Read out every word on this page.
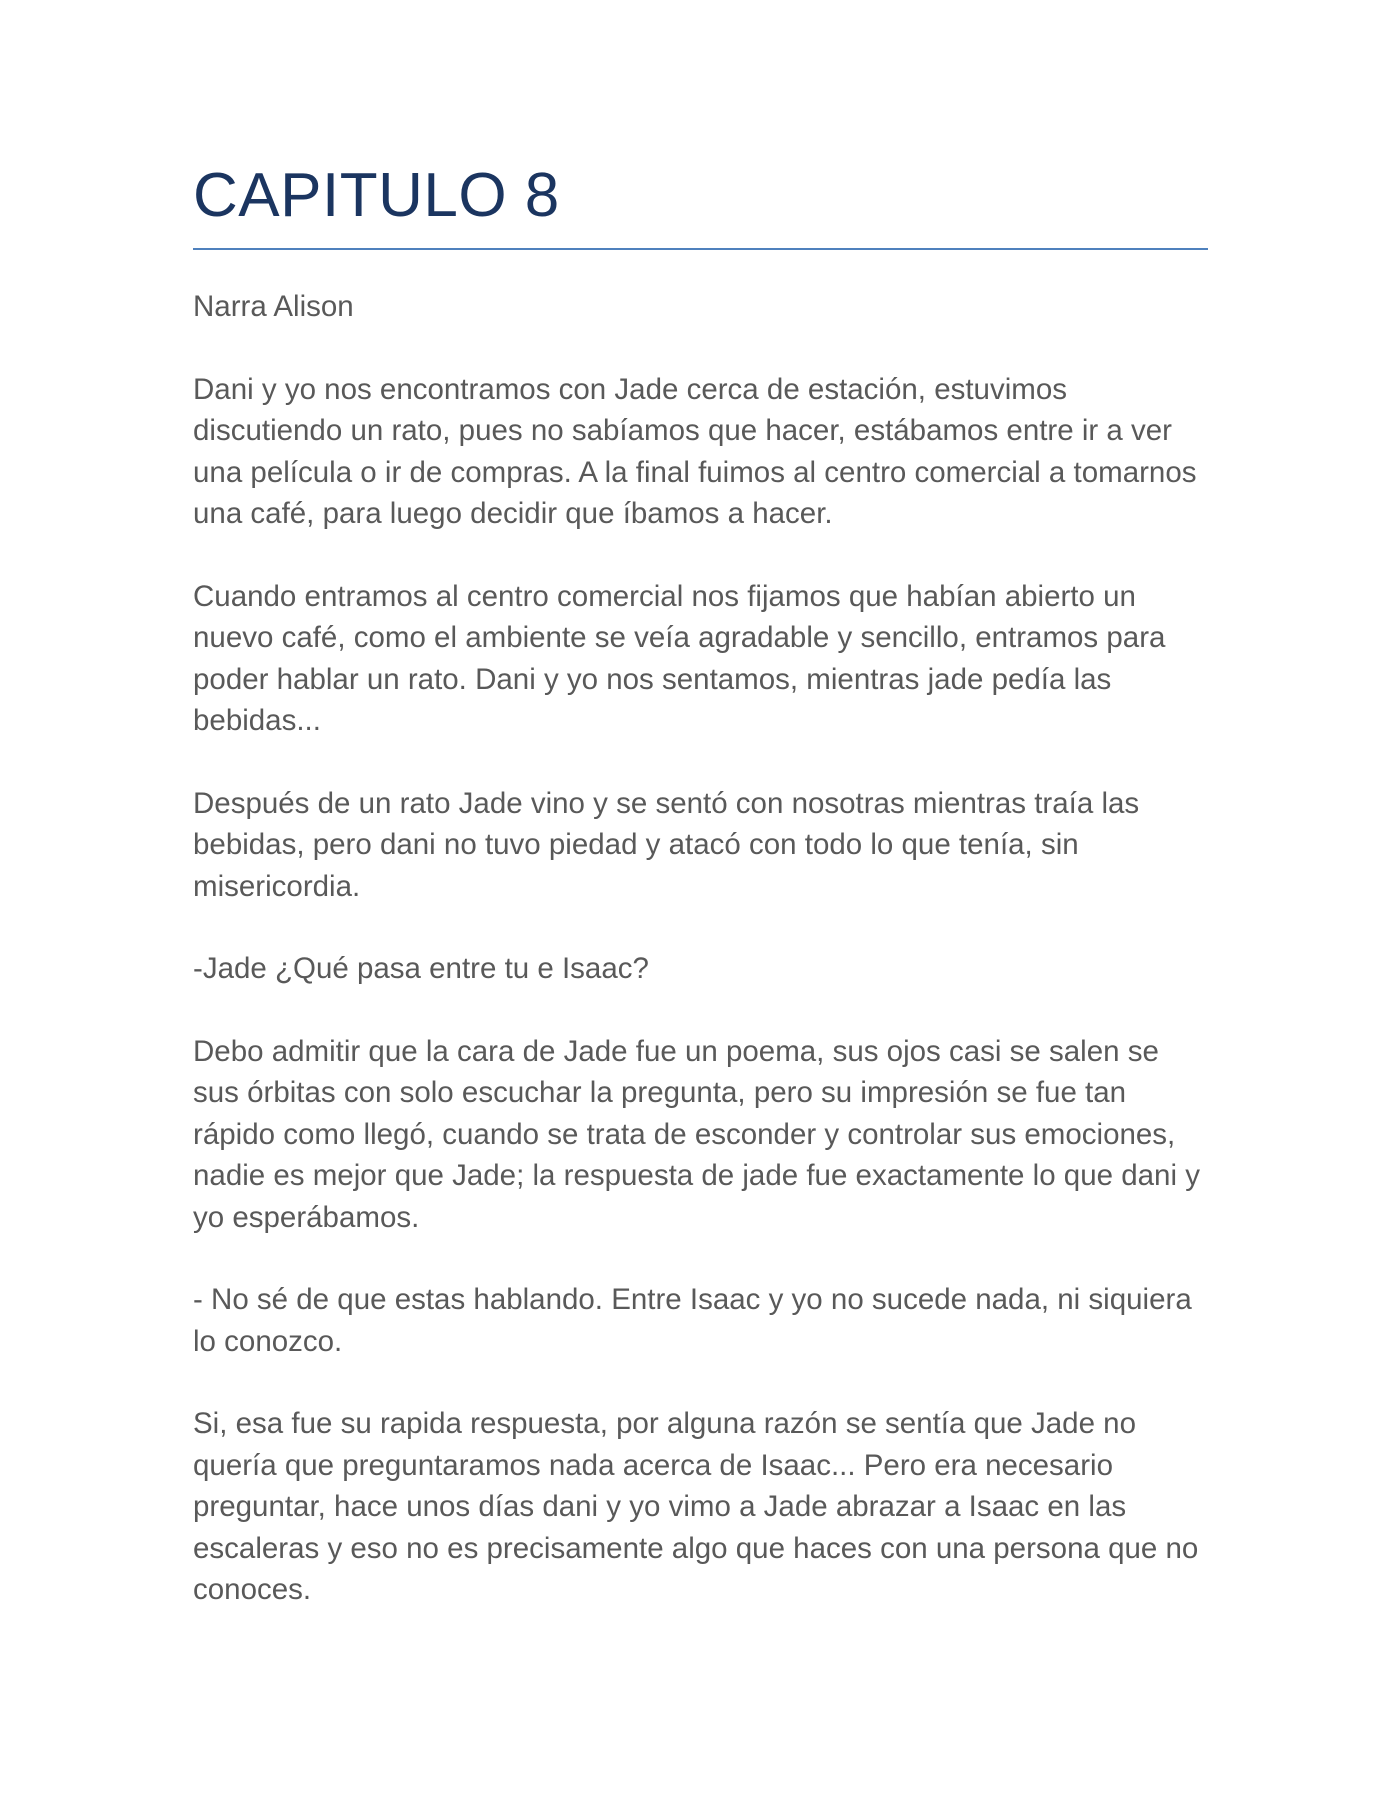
CAPITULO 8

Narra Alison

Dani y yo nos encontramos con Jade cerca de estación, estuvimos discutiendo un rato, pues no sabíamos que hacer, estábamos entre ir a ver una película o ir de compras. A la final fuimos al centro comercial a tomarnos una café, para luego decidir que íbamos a hacer.

Cuando entramos al centro comercial nos fijamos que habían abierto un nuevo café, como el ambiente se veía agradable y sencillo, entramos para poder hablar un rato. Dani y yo nos sentamos, mientras jade pedía las bebidas...

Después de un rato Jade vino y se sentó con nosotras mientras traía las bebidas, pero dani no tuvo piedad y atacó con todo lo que tenía, sin misericordia.

-Jade ¿Qué pasa entre tu e Isaac?

Debo admitir que la cara de Jade fue un poema, sus ojos casi se salen se sus órbitas con solo escuchar la pregunta, pero su impresión se fue tan rápido como llegó, cuando se trata de esconder y controlar sus emociones, nadie es mejor que Jade; la respuesta de jade fue exactamente lo que dani y yo esperábamos.

- No sé de que estas hablando. Entre Isaac y yo no sucede nada, ni siquiera lo conozco.

Si, esa fue su rapida respuesta, por alguna razón se sentía que Jade no quería que preguntaramos nada acerca de Isaac... Pero era necesario preguntar, hace unos días dani y yo vimo a Jade abrazar a Isaac en las escaleras y eso no es precisamente algo que haces con una persona que no conoces.
